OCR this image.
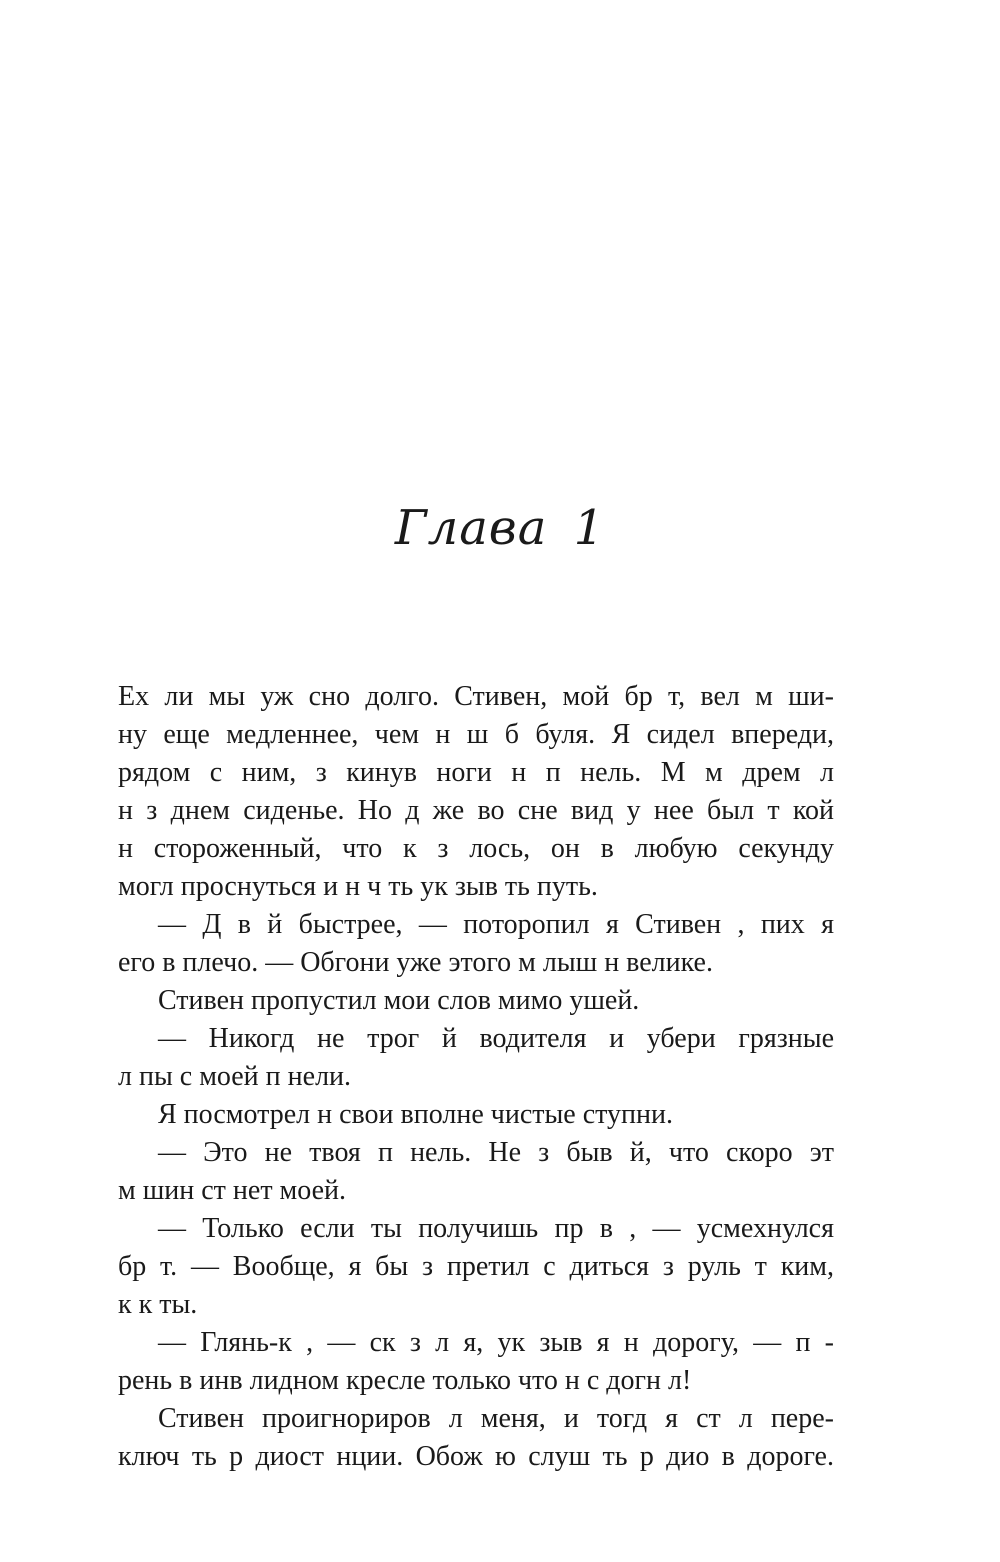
Глава 1
Ех ли мы уж сно долго. Стивен, мой бр т, вел м ши-
ну еще медленнее, чем н ш б буля. Я сидел впереди,
рядом с ним, з кинув ноги н п нель. М м дрем л
н з днем сиденье. Но д же во сне вид у нее был т кой
н стороженный, что к з лось, он в любую секунду
могл проснуться и н ч ть ук зыв ть путь.
— Д в й быстрее, — поторопил я Стивен , пих я
его в плечо. — Обгони уже этого м лыш н велике.
Стивен пропустил мои слов мимо ушей.
— Никогд не трог й водителя и убери грязные
л пы с моей п нели.
Я посмотрел н свои вполне чистые ступни.
— Это не твоя п нель. Не з быв й, что скоро эт
м шин ст нет моей.
— Только если ты получишь пр в , — усмехнулся
бр т. — Вообще, я бы з претил с диться з руль т ким,
к к ты.
— Глянь-к , — ск з л я, ук зыв я н дорогу, — п -
рень в инв лидном кресле только что н с догн л!
Стивен проигнориров л меня, и тогд я ст л пере-
ключ ть р диост нции. Обож ю слуш ть р дио в дороге.
